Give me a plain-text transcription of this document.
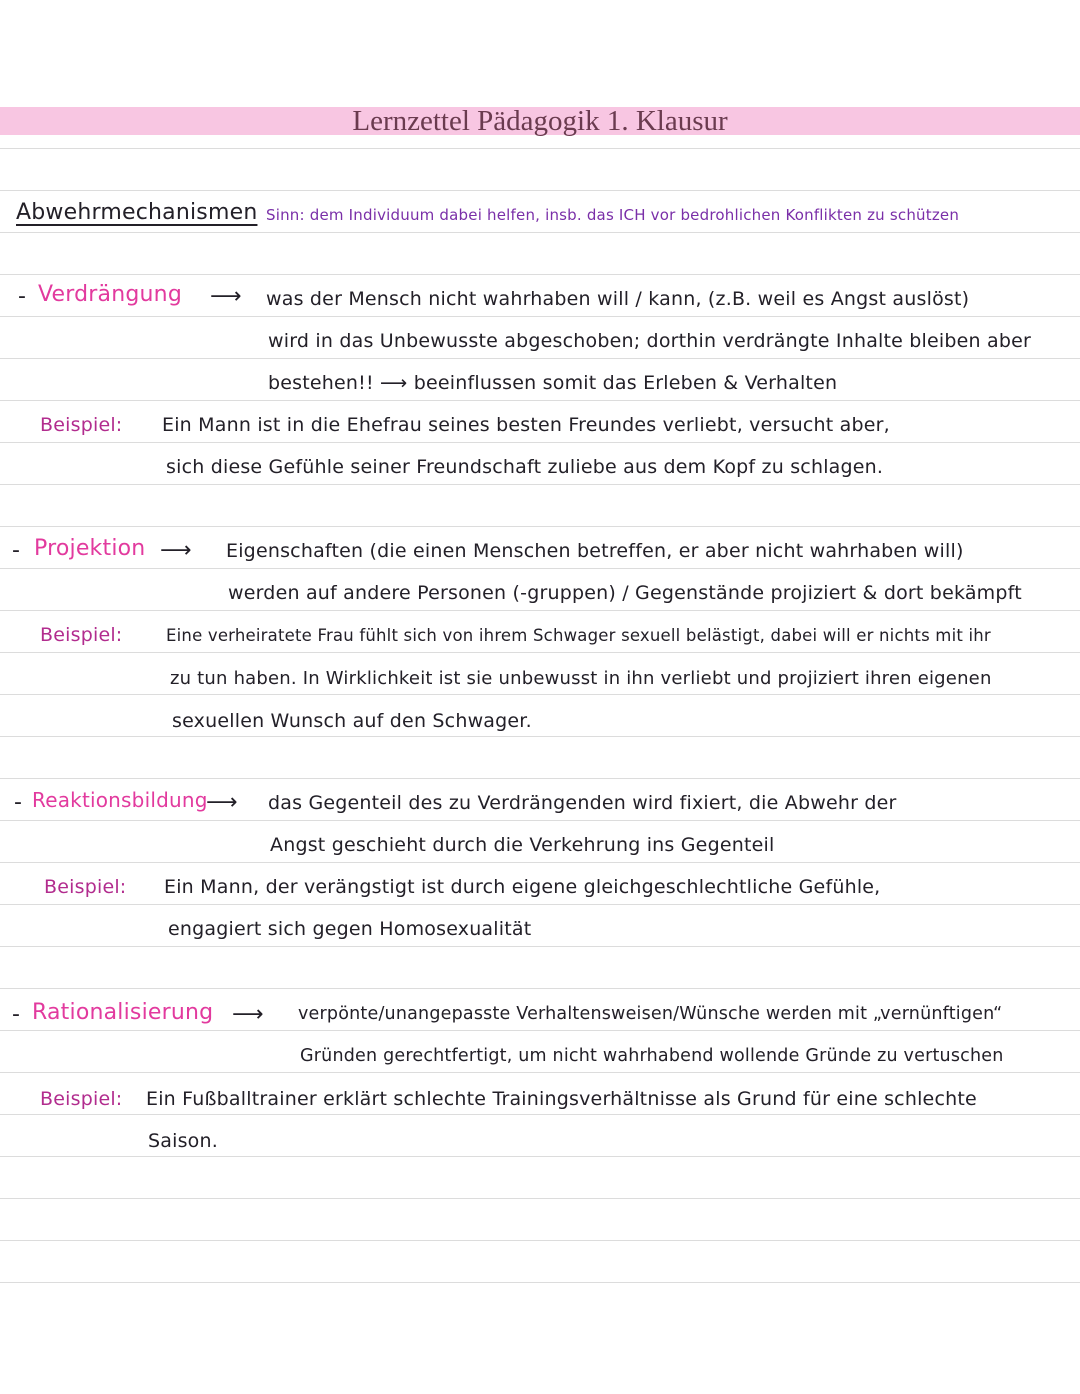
Lernzettel Pädagogik 1. Klausur
Abwehrmechanismen Sinn: dem Individuum dabei helfen, insb. das ICH vor bedrohlichen Konflikten zu schützen
- Verdrängung ⟶ was der Mensch nicht wahrhaben will / kann, (z.B. weil es Angst auslöst)
wird in das Unbewusste abgeschoben; dorthin verdrängte Inhalte bleiben aber
bestehen!! ⟶ beeinflussen somit das Erleben & Verhalten
Beispiel: Ein Mann ist in die Ehefrau seines besten Freundes verliebt, versucht aber,
sich diese Gefühle seiner Freundschaft zuliebe aus dem Kopf zu schlagen.
- Projektion ⟶ Eigenschaften (die einen Menschen betreffen, er aber nicht wahrhaben will)
werden auf andere Personen (-gruppen) / Gegenstände projiziert & dort bekämpft
Beispiel:	Eine verheiratete Frau fühlt sich von ihrem Schwager sexuell belästigt, dabei will er nichts mit ihr
zu tun haben. In Wirklichkeit ist sie unbewusst in ihn verliebt und projiziert ihren eigenen
sexuellen Wunsch auf den Schwager.
- Reaktionsbildung
⟶ das Gegenteil des zu Verdrängenden wird fixiert, die Abwehr der
Angst geschieht durch die Verkehrung ins Gegenteil
Beispiel: Ein Mann, der verängstigt ist durch eigene gleichgeschlechtliche Gefühle,
engagiert sich gegen Homosexualität
- Rationalisierung ⟶ verpönte/unangepasste Verhaltensweisen/Wünsche werden mit „vernünftigen“
Gründen gerechtfertigt, um nicht wahrhabend wollende Gründe zu vertuschen
Beispiel: Ein Fußballtrainer erklärt schlechte Trainingsverhältnisse als Grund für eine schlechte
Saison.
